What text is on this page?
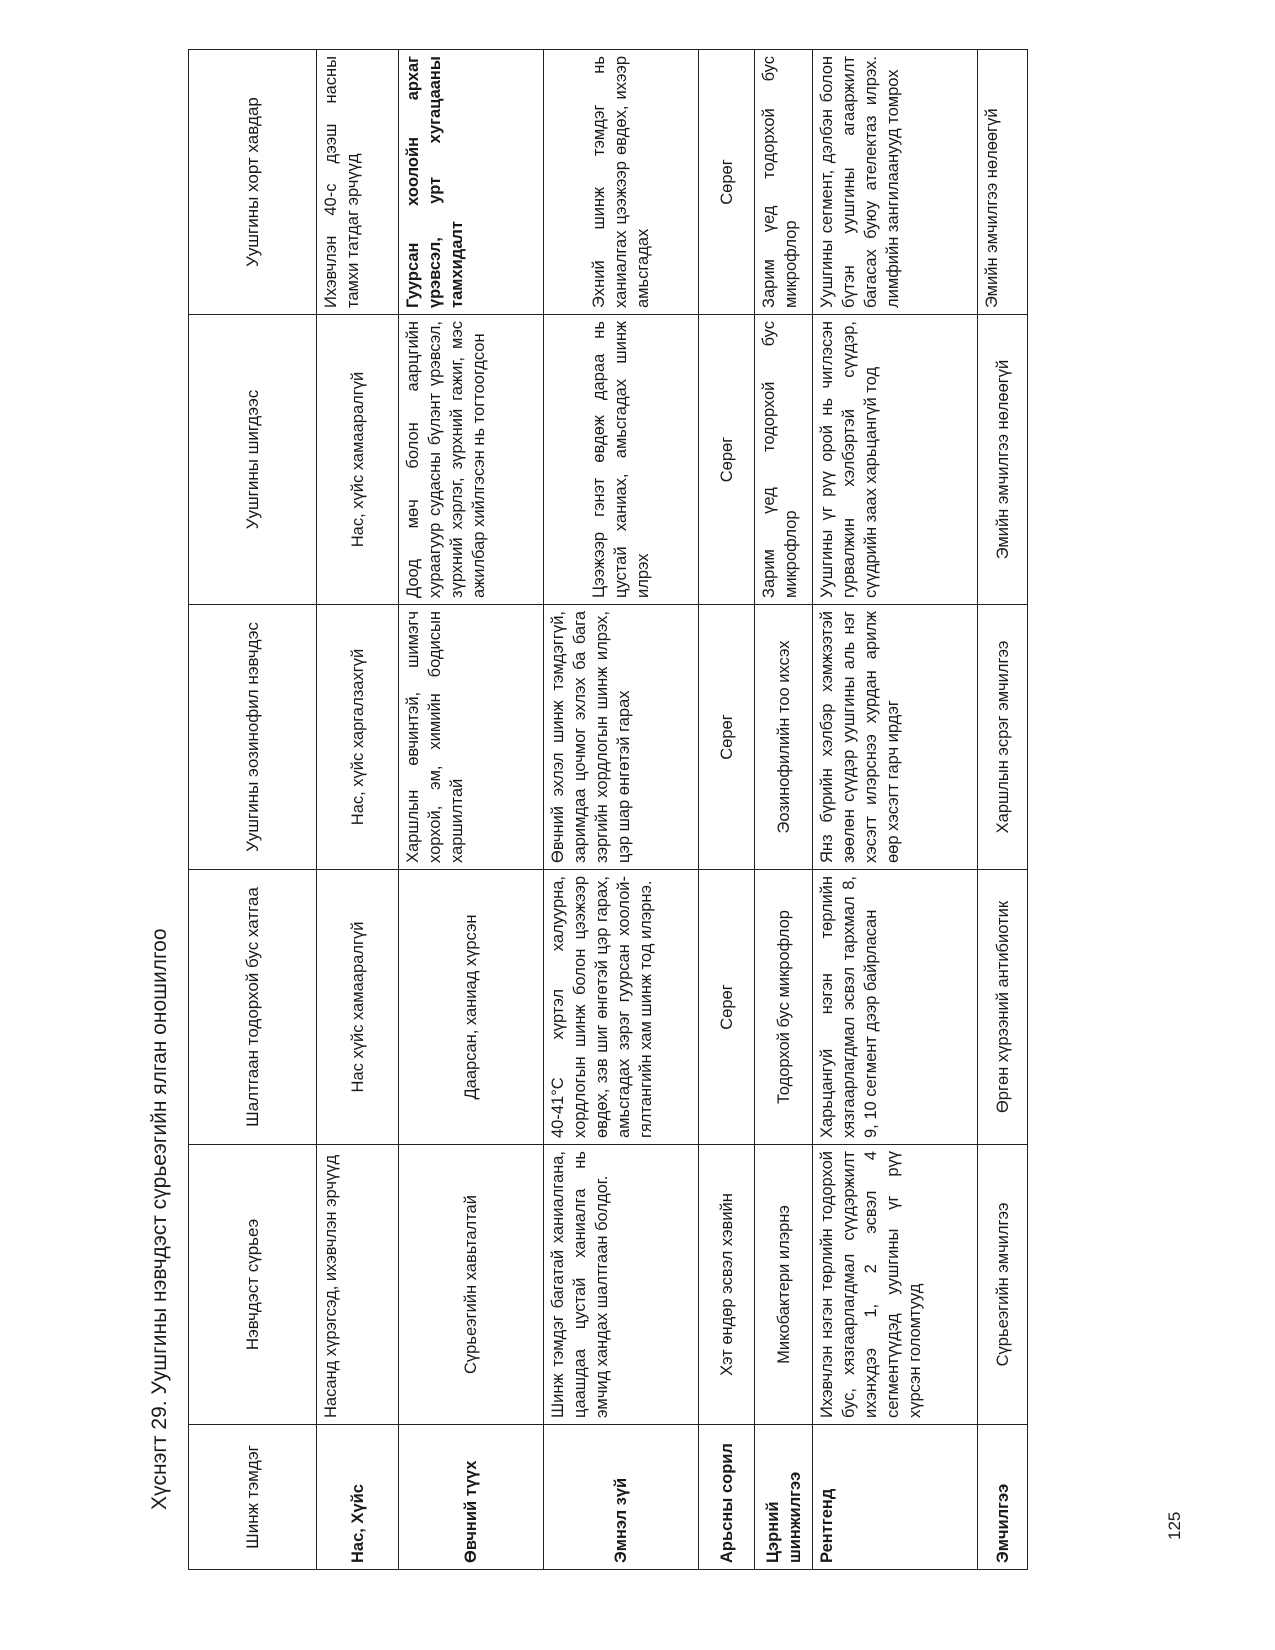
Хүснэгт 29. Уушгины нэвчдэст сүрьеэгийн ялган оношилгоо	Шинж тэмдэг	Нэвчдэст сүрьеэ	Шалтгаан тодорхой бус хатгаа	Уушгины эозинофил нэвчдэс	Уушгины шигдээс	Уушгины хорт хавдар
Нас, Хүйс	Насанд хүрэгсэд, ихэвчлэн эрчүүд	Нас хүйс хамааралгүй	Нас, хүйс харгалзахгүй	Нас, хүйс хамааралгүй	Ихэвчлэн 40-с дээш насны тамхи татдаг эрчүүд
Өвчний түүх	Сүрьеэгийн хавьталтай	Даарсан, ханиад хүрсэн	Харшлын өвчинтэй, шимэгч хорхой, эм, химийн бодисын харшилтай	Доод мөч болон аарцгийн хураагуур судасны бүлэнт үрэвсэл, зүрхний хэрлэг, зүрхний гажиг, мэс ажилбар хийлгэсэн нь тогтоогдсон	Гуурсан хоолойн архаг үрэвсэл, урт хугацааны тамхидалт
Эмнэл зүй	Шинж тэмдэг багатай ханиалгана, цаашдаа цустай ханиалга нь эмчид хандах шалтгаан болдог.	40-41°С хүртэл халуурна, хордлогын шинж болон цээжээр өвдөх, зэв шиг өнгөтэй цэр гарах, амьсгадах зэрэг гуурсан хоолой-гялтангийн хам шинж тод илэрнэ.	Өвчний эхлэл шинж тэмдэггүй, заримдаа цочмог эхлэх ба бага зэргийн хордлогын шинж илрэх, цэр шар өнгөтэй гарах	Цээжээр гэнэт өвдөж дараа нь цустай ханиах, амьсгадах шинж илрэх	Эхний шинж тэмдэг нь ханиалгах цээжээр өвдөх, ихээр амьсгадах
Арьсны сорил	Хэт өндөр эсвэл хэвийн	Сөрөг	Сөрөг	Сөрөг	Сөрөг
Цэрний шинжилгээ	Микобактери илэрнэ	Тодорхой бус микрофлор	Эозинофилийн тоо ихсэх	Зарим үед тодорхой бус микрофлор	Зарим үед тодорхой бус микрофлор
Рентгенд	Ихэвчлэн нэгэн төрлийн тодорхой бус, хязгаарлагдмал сүүдэржилт ихэнхдээ 1, 2 эсвэл 4 сегментүүдэд уушгины үг рүү хүрсэн голомтууд	Харьцангуй нэгэн төрлийн хязгаарлагдмал эсвэл тархмал 8, 9, 10 сегмент дээр байрласан	Янз бүрийн хэлбэр хэмжээтэй зөөлөн сүүдэр уушгины аль нэг хэсэгт илэрснээ хурдан арилж өөр хэсэгт гарч ирдэг	Уушгины үг рүү орой нь чиглэсэн гурвалжин хэлбэртэй сүүдэр, сүүдрийн заах харьцангүй тод	Уушгины сегмент, дэлбэн болон бүтэн уушгины агааржилт багасах буюу ателектаз илрэх. лимфийн зангилаанууд томрох
Эмчилгээ	Сүрьеэгийн эмчилгээ	Өргөн хүрээний антибиотик	Харшлын эсрэг эмчилгээ	Эмийн эмчилгээ нөлөөгүй	Эмийн эмчилгээ нөлөөгүй
125
